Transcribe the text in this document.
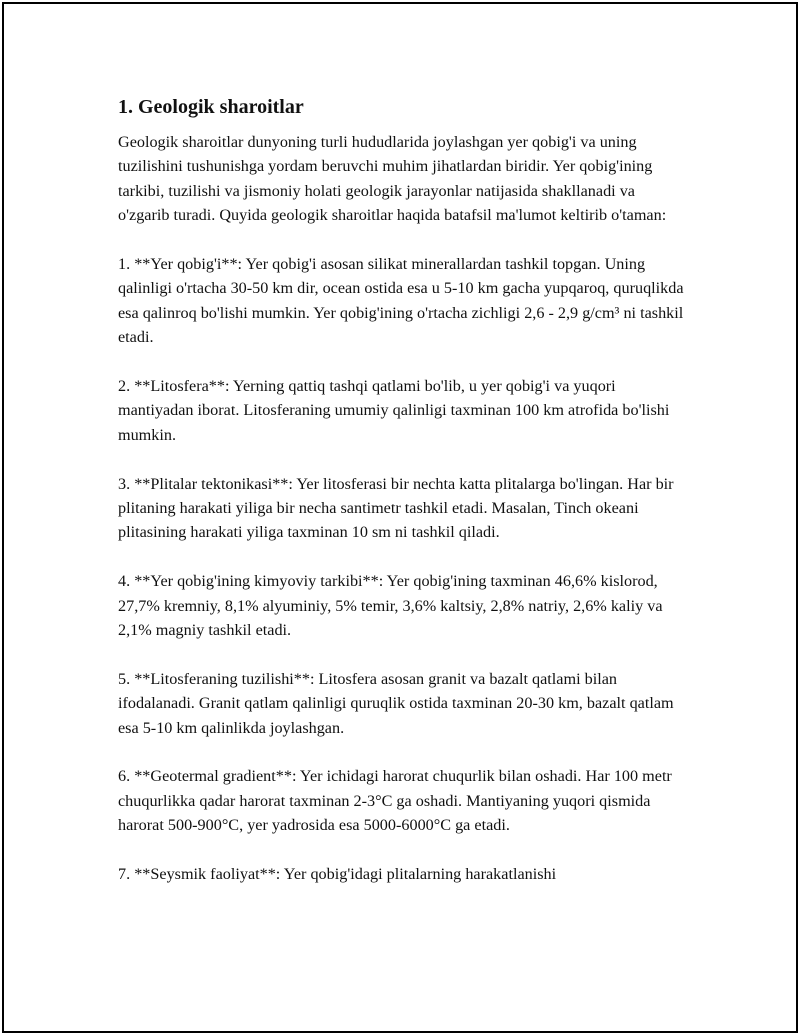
1. Geologik sharoitlar

Geologik sharoitlar dunyoning turli hududlarida joylashgan yer qobig'i va uning tuzilishini tushunishga yordam beruvchi muhim jihatlardan biridir. Yer qobig'ining tarkibi, tuzilishi va jismoniy holati geologik jarayonlar natijasida shakllanadi va o'zgarib turadi. Quyida geologik sharoitlar haqida batafsil ma'lumot keltirib o'taman:

1. **Yer qobig'i**: Yer qobig'i asosan silikat minerallardan tashkil topgan. Uning qalinligi o'rtacha 30-50 km dir, ocean ostida esa u 5-10 km gacha yupqaroq, quruqlikda esa qalinroq bo'lishi mumkin. Yer qobig'ining o'rtacha zichligi 2,6 - 2,9 g/cm³ ni tashkil etadi.

2. **Litosfera**: Yerning qattiq tashqi qatlami bo'lib, u yer qobig'i va yuqori mantiyadan iborat. Litosferaning umumiy qalinligi taxminan 100 km atrofida bo'lishi mumkin.

3. **Plitalar tektonikasi**: Yer litosferasi bir nechta katta plitalarga bo'lingan. Har bir plitaning harakati yiliga bir necha santimetr tashkil etadi. Masalan, Tinch okeani plitasining harakati yiliga taxminan 10 sm ni tashkil qiladi.

4. **Yer qobig'ining kimyoviy tarkibi**: Yer qobig'ining taxminan 46,6% kislorod, 27,7% kremniy, 8,1% alyuminiy, 5% temir, 3,6% kaltsiy, 2,8% natriy, 2,6% kaliy va 2,1% magniy tashkil etadi.

5. **Litosferaning tuzilishi**: Litosfera asosan granit va bazalt qatlami bilan ifodalanadi. Granit qatlam qalinligi quruqlik ostida taxminan 20-30 km, bazalt qatlam esa 5-10 km qalinlikda joylashgan.

6. **Geotermal gradient**: Yer ichidagi harorat chuqurlik bilan oshadi. Har 100 metr chuqurlikka qadar harorat taxminan 2-3°C ga oshadi. Mantiyaning yuqori qismida harorat 500-900°C, yer yadrosida esa 5000-6000°C ga etadi.

7. **Seysmik faoliyat**: Yer qobig'idagi plitalarning harakatlanishi
